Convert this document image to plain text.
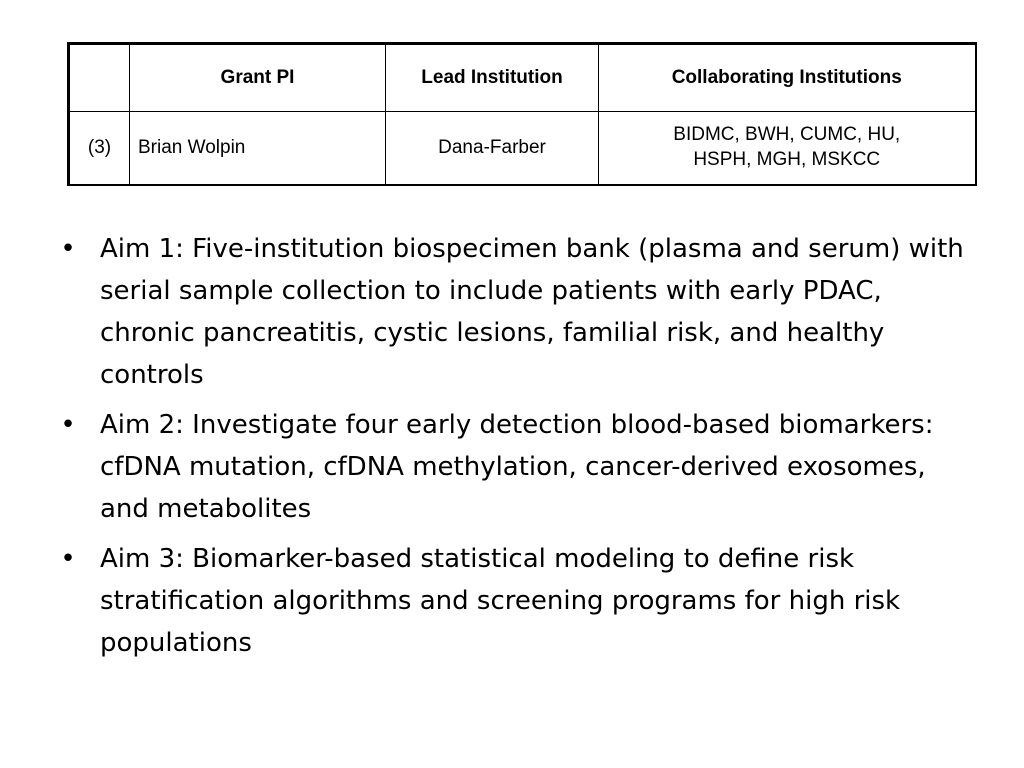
	Grant PI	Lead Institution	Collaborating Institutions
(3)	Brian Wolpin	Dana-Farber	BIDMC, BWH, CUMC, HU,
HSPH, MGH, MSKCC
• Aim 1: Five-institution biospecimen bank (plasma and serum) with serial sample collection to include patients with early PDAC, chronic pancreatitis, cystic lesions, familial risk, and healthy controls
• Aim 2: Investigate four early detection blood-based biomarkers: cfDNA mutation, cfDNA methylation, cancer-derived exosomes, and metabolites
• Aim 3: Biomarker-based statistical modeling to define risk stratification algorithms and screening programs for high risk populations
